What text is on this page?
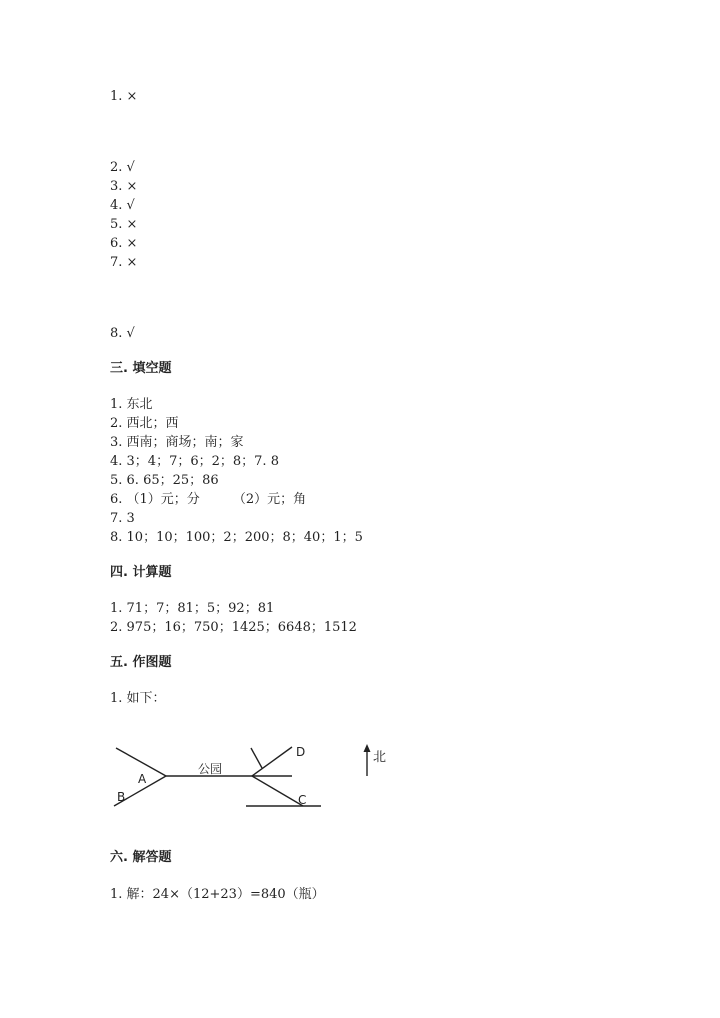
1. ×
2. √
3. ×
4. √
5. ×
6. ×
7. ×
8. √
三. 填空题
1. 东北
2. 西北；西
3. 西南；商场；南；家
4. 3；4；7；6；2；8；7. 8
5. 6. 65；25；86
6. （1）元；分        （2）元；角
7. 3
8. 10；10；100；2；200；8；40；1；5
四. 计算题
1. 71；7；81；5；92；81
2. 975；16；750；1425；6648；1512
五. 作图题
1. 如下：
A
B
公园
D
C
北
六. 解答题
1. 解：24×（12+23）=840（瓶）
